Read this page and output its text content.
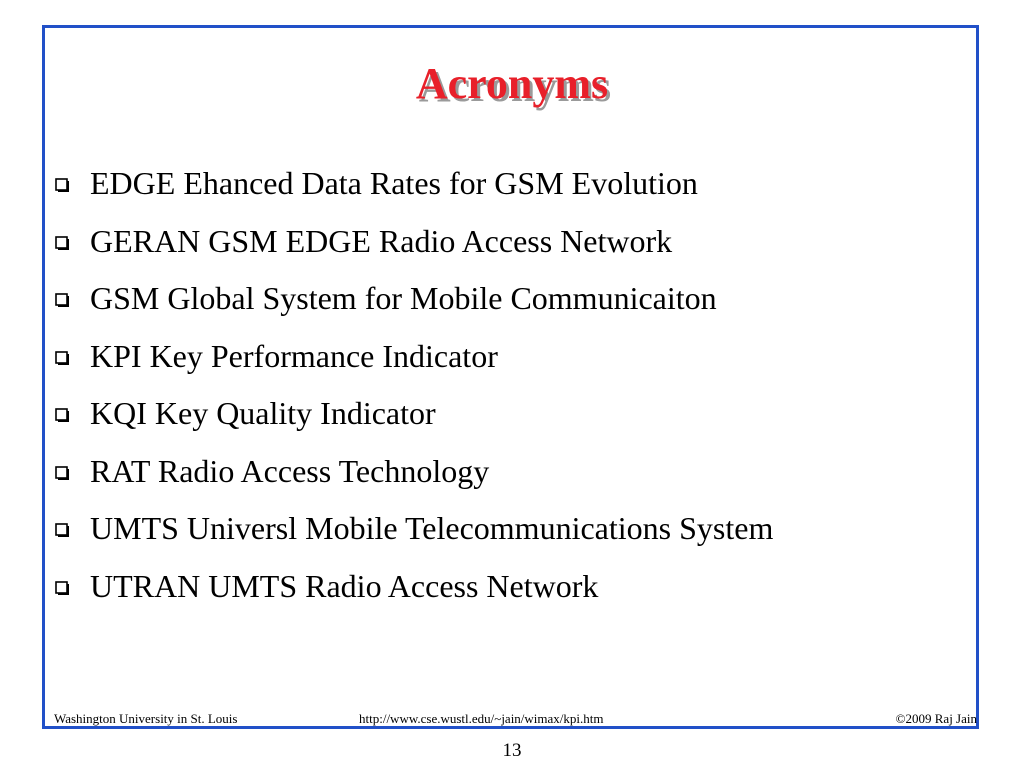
Acronyms
EDGE Ehanced Data Rates for GSM Evolution
GERAN GSM EDGE Radio Access Network
GSM Global System for Mobile Communicaiton
KPI Key Performance Indicator
KQI Key Quality Indicator
RAT Radio Access Technology
UMTS Universl Mobile Telecommunications System
UTRAN UMTS Radio Access Network
Washington University in St. Louis	http://www.cse.wustl.edu/~jain/wimax/kpi.htm	©2009 Raj Jain
13
